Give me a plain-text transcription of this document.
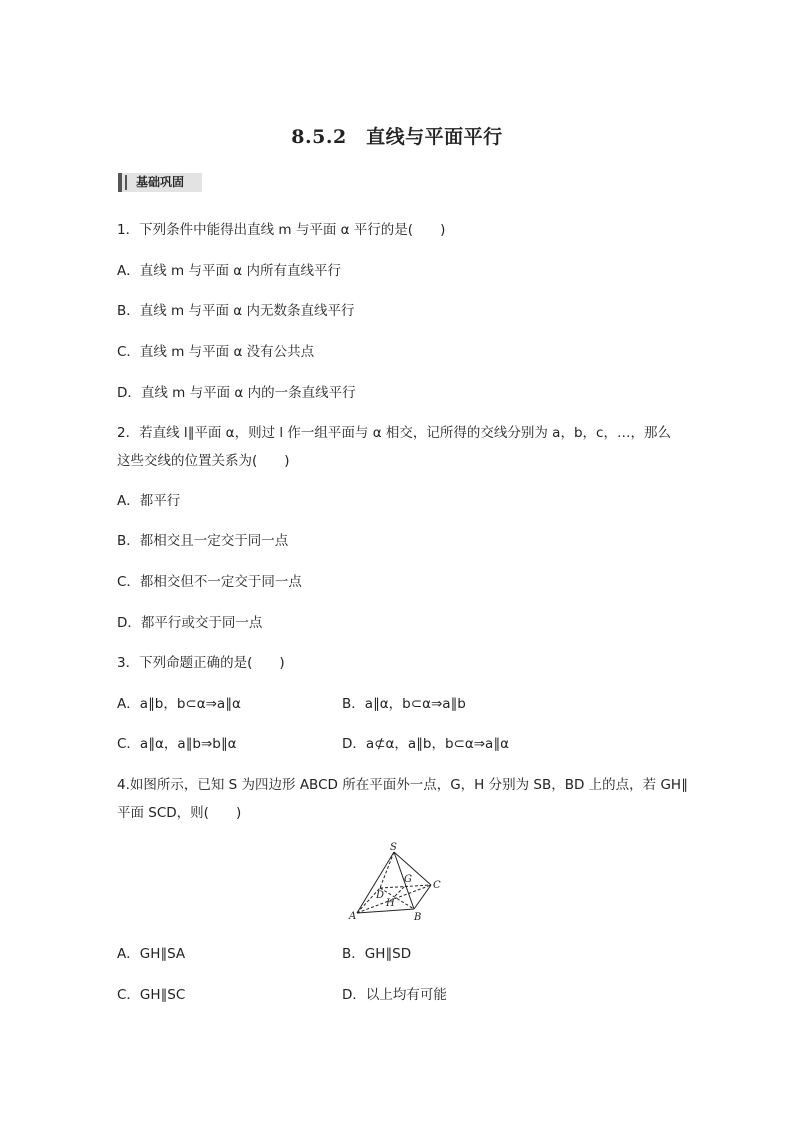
8.5.2　直线与平面平行
基础巩固
1．下列条件中能得出直线 m 与平面 α 平行的是(　　)
A．直线 m 与平面 α 内所有直线平行
B．直线 m 与平面 α 内无数条直线平行
C．直线 m 与平面 α 没有公共点
D．直线 m 与平面 α 内的一条直线平行
2．若直线 l∥平面 α，则过 l 作一组平面与 α 相交，记所得的交线分别为 a，b，c，…，那么
这些交线的位置关系为(　　)
A．都平行
B．都相交且一定交于同一点
C．都相交但不一定交于同一点
D．都平行或交于同一点
3．下列命题正确的是(　　)
A．a∥b，b⊂α⇒a∥α	B．a∥α，b⊂α⇒a∥b
C．a∥α，a∥b⇒b∥α	D．a⊄α，a∥b，b⊂α⇒a∥α
4.如图所示，已知 S 为四边形 ABCD 所在平面外一点，G，H 分别为 SB，BD 上的点，若 GH∥
平面 SCD，则(　　)
S
A	B
C
D
G
H
A．GH∥SA	B．GH∥SD
C．GH∥SC	D．以上均有可能
